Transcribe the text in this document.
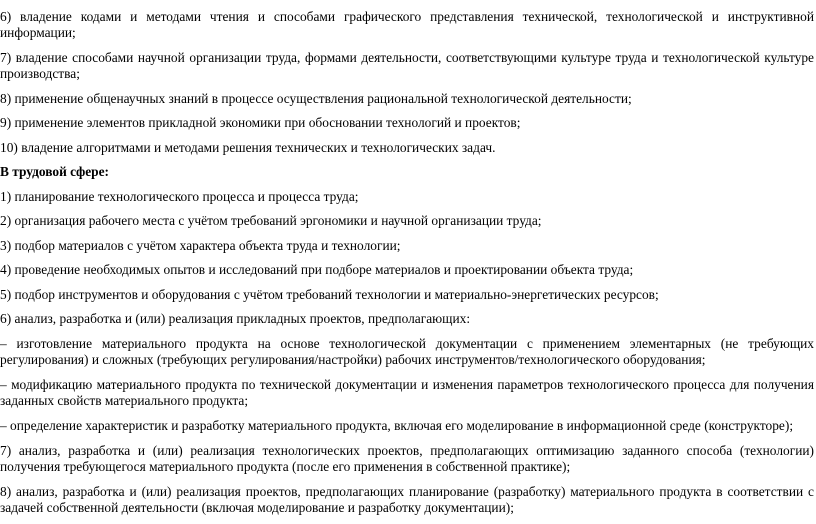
6) владение кодами и методами чтения и способами графического представления технической, технологической и инструктивной информации;

7) владение способами научной организации труда, формами деятельности, соответствующими культуре труда и технологической культуре производства;

8) применение общенаучных знаний в процессе осуществления рациональной технологической деятельности;

9) применение элементов прикладной экономики при обосновании технологий и проектов;

10) владение алгоритмами и методами решения технических и технологических задач.

В трудовой сфере:

1) планирование технологического процесса и процесса труда;

2) организация рабочего места с учётом требований эргономики и научной организации труда;

3) подбор материалов с учётом характера объекта труда и технологии;

4) проведение необходимых опытов и исследований при подборе материалов и проектировании объекта труда;

5) подбор инструментов и оборудования с учётом требований технологии и материально-энергетических ресурсов;

6) анализ, разработка и (или) реализация прикладных проектов, предполагающих:

– изготовление материального продукта на основе технологической документации с применением элементарных (не требующих регулирования) и сложных (требующих регулирования/настройки) рабочих инструментов/технологического оборудования;

– модификацию материального продукта по технической документации и изменения параметров технологического процесса для получения заданных свойств материального продукта;

– определение характеристик и разработку материального продукта, включая его моделирование в информационной среде (конструкторе);

7) анализ, разработка и (или) реализация технологических проектов, предполагающих оптимизацию заданного способа (технологии) получения требующегося материального продукта (после его применения в собственной практике);

8) анализ, разработка и (или) реализация проектов, предполагающих планирование (разработку) материального продукта в соответствии с задачей собственной деятельности (включая моделирование и разработку документации);
